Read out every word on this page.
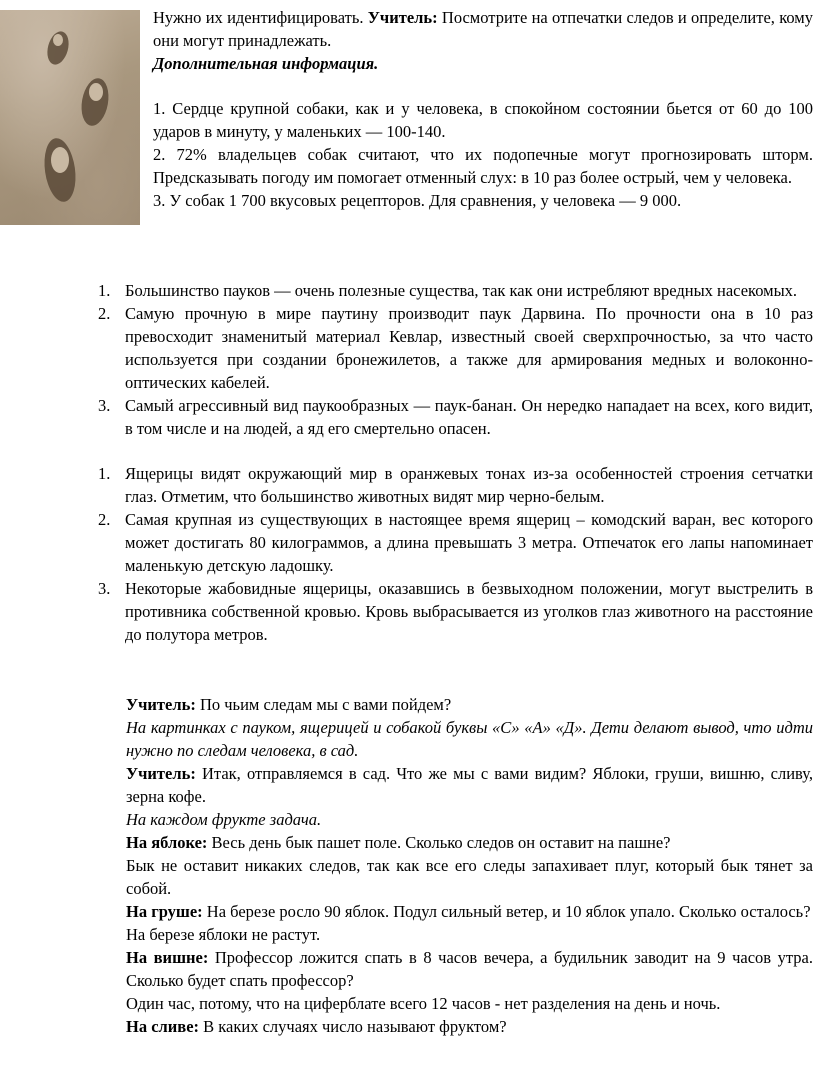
Нужно их идентифицировать. Учитель: Посмотрите на отпечатки следов и определите, кому они могут принадлежать.

Дополнительная информация.

1. Сердце крупной собаки, как и у человека, в спокойном состоянии бьется от 60 до 100 ударов в минуту, у маленьких — 100-140.

2. 72% владельцев собак считают, что их подопечные могут прогнозировать шторм. Предсказывать погоду им помогает отменный слух: в 10 раз более острый, чем у человека.

3. У собак 1 700 вкусовых рецепторов. Для сравнения, у человека — 9 000.

1. Большинство пауков — очень полезные существа, так как они истребляют вредных насекомых.
2. Самую прочную в мире паутину производит паук Дарвина. По прочности она в 10 раз превосходит знаменитый материал Кевлар, известный своей сверхпрочностью, за что часто используется при создании бронежилетов, а также для армирования медных и волоконно-оптических кабелей.
3. Самый агрессивный вид паукообразных — паук-банан. Он нередко нападает на всех, кого видит, в том числе и на людей, а яд его смертельно опасен.
1. Ящерицы видят окружающий мир в оранжевых тонах из-за особенностей строения сетчатки глаз. Отметим, что большинство животных видят мир черно-белым.
2. Самая крупная из существующих в настоящее время ящериц – комодский варан, вес которого может достигать 80 килограммов, а длина превышать 3 метра. Отпечаток его лапы напоминает маленькую детскую ладошку.
3. Некоторые жабовидные ящерицы, оказавшись в безвыходном положении, могут выстрелить в противника собственной кровью. Кровь выбрасывается из уголков глаз животного на расстояние до полутора метров.

Учитель: По чьим следам мы с вами пойдем?

На картинках с пауком, ящерицей и собакой буквы «С» «А» «Д». Дети делают вывод, что идти нужно по следам человека, в сад.

Учитель: Итак, отправляемся в сад. Что же мы с вами видим? Яблоки, груши, вишню, сливу, зерна кофе.

На каждом фрукте задача.

На яблоке: Весь день бык пашет поле. Сколько следов он оставит на пашне?

Бык не оставит никаких следов, так как все его следы запахивает плуг, который бык тянет за собой.

На груше: На березе росло 90 яблок. Подул сильный ветер, и 10 яблок упало. Сколько осталось?

На березе яблоки не растут.

На вишне: Профессор ложится спать в 8 часов вечера, а будильник заводит на 9 часов утра. Сколько будет спать профессор?

Один час, потому, что на циферблате всего 12 часов - нет разделения на день и ночь.

На сливе: В каких случаях число называют фруктом?
